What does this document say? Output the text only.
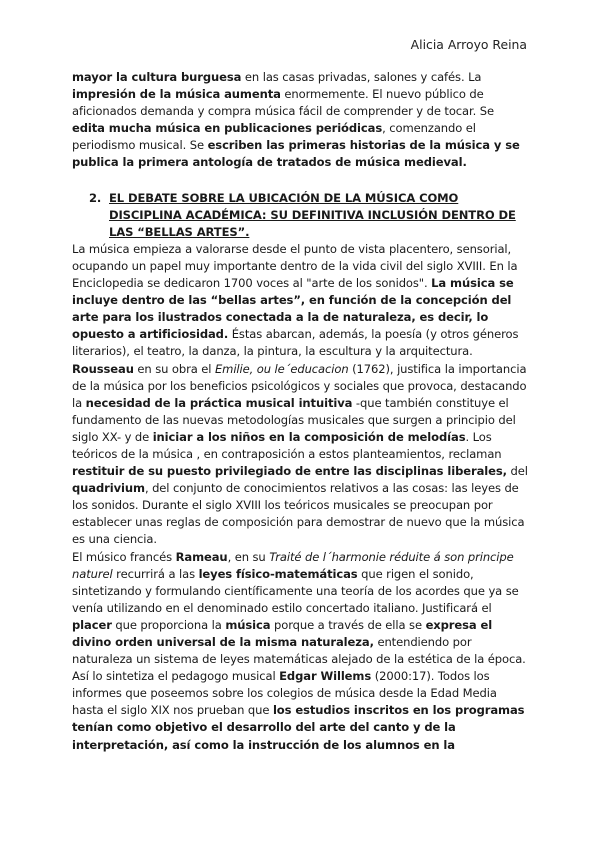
Alicia Arroyo Reina

mayor la cultura burguesa en las casas privadas, salones y cafés. La impresión de la música aumenta enormemente. El nuevo público de aficionados demanda y compra música fácil de comprender y de tocar. Se edita mucha música en publicaciones periódicas, comenzando el periodismo musical. Se escriben las primeras historias de la música y se publica la primera antología de tratados de música medieval.

2. EL DEBATE SOBRE LA UBICACIÓN DE LA MÚSICA COMO DISCIPLINA ACADÉMICA: SU DEFINITIVA INCLUSIÓN DENTRO DE LAS “BELLAS ARTES”.

La música empieza a valorarse desde el punto de vista placentero, sensorial, ocupando un papel muy importante dentro de la vida civil del siglo XVIII. En la Enciclopedia se dedicaron 1700 voces al "arte de los sonidos". La música se incluye dentro de las “bellas artes”, en función de la concepción del arte para los ilustrados conectada a la de naturaleza, es decir, lo opuesto a artificiosidad. Éstas abarcan, además, la poesía (y otros géneros literarios), el teatro, la danza, la pintura, la escultura y la arquitectura. Rousseau en su obra el Emilie, ou le´educacion (1762), justifica la importancia de la música por los beneficios psicológicos y sociales que provoca, destacando la necesidad de la práctica musical intuitiva -que también constituye el fundamento de las nuevas metodologías musicales que surgen a principio del siglo XX- y de iniciar a los niños en la composición de melodías. Los teóricos de la música , en contraposición a estos planteamientos, reclaman restituir de su puesto privilegiado de entre las disciplinas liberales, del quadrivium, del conjunto de conocimientos relativos a las cosas: las leyes de los sonidos. Durante el siglo XVIII los teóricos musicales se preocupan por establecer unas reglas de composición para demostrar de nuevo que la música es una ciencia.

El músico francés Rameau, en su Traité de l´harmonie réduite á son principe naturel recurrirá a las leyes físico-matemáticas que rigen el sonido, sintetizando y formulando científicamente una teoría de los acordes que ya se venía utilizando en el denominado estilo concertado italiano. Justificará el placer que proporciona la música porque a través de ella se expresa el divino orden universal de la misma naturaleza, entendiendo por naturaleza un sistema de leyes matemáticas alejado de la estética de la época.

Así lo sintetiza el pedagogo musical Edgar Willems (2000:17). Todos los informes que poseemos sobre los colegios de música desde la Edad Media hasta el siglo XIX nos prueban que los estudios inscritos en los programas tenían como objetivo el desarrollo del arte del canto y de la interpretación, así como la instrucción de los alumnos en la
